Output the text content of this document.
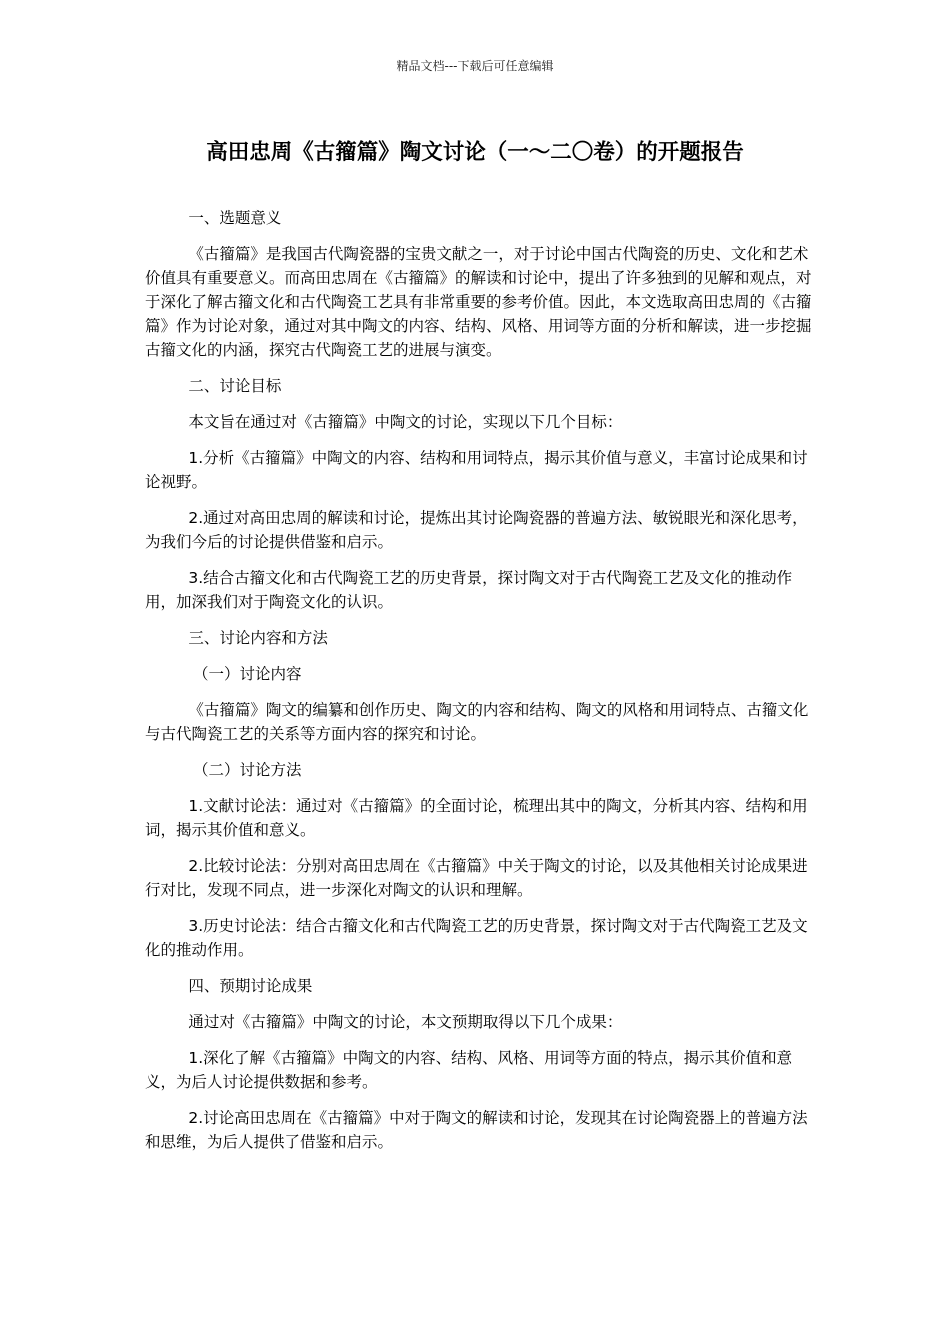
精品文档---下载后可任意编辑
高田忠周《古籀篇》陶文讨论（一～二〇卷）的开题报告

一、选题意义

《古籀篇》是我国古代陶瓷器的宝贵文献之一，对于讨论中国古代陶瓷的历史、文化和艺术价值具有重要意义。而高田忠周在《古籀篇》的解读和讨论中，提出了许多独到的见解和观点，对于深化了解古籀文化和古代陶瓷工艺具有非常重要的参考价值。因此，本文选取高田忠周的《古籀篇》作为讨论对象，通过对其中陶文的内容、结构、风格、用词等方面的分析和解读，进一步挖掘古籀文化的内涵，探究古代陶瓷工艺的进展与演变。

二、讨论目标

本文旨在通过对《古籀篇》中陶文的讨论，实现以下几个目标：

1.分析《古籀篇》中陶文的内容、结构和用词特点，揭示其价值与意义，丰富讨论成果和讨论视野。

2.通过对高田忠周的解读和讨论，提炼出其讨论陶瓷器的普遍方法、敏锐眼光和深化思考，为我们今后的讨论提供借鉴和启示。

3.结合古籀文化和古代陶瓷工艺的历史背景，探讨陶文对于古代陶瓷工艺及文化的推动作用，加深我们对于陶瓷文化的认识。

三、讨论内容和方法

（一）讨论内容

《古籀篇》陶文的编纂和创作历史、陶文的内容和结构、陶文的风格和用词特点、古籀文化与古代陶瓷工艺的关系等方面内容的探究和讨论。

（二）讨论方法

1.文献讨论法：通过对《古籀篇》的全面讨论，梳理出其中的陶文，分析其内容、结构和用词，揭示其价值和意义。

2.比较讨论法：分别对高田忠周在《古籀篇》中关于陶文的讨论，以及其他相关讨论成果进行对比，发现不同点，进一步深化对陶文的认识和理解。

3.历史讨论法：结合古籀文化和古代陶瓷工艺的历史背景，探讨陶文对于古代陶瓷工艺及文化的推动作用。

四、预期讨论成果

通过对《古籀篇》中陶文的讨论，本文预期取得以下几个成果：

1.深化了解《古籀篇》中陶文的内容、结构、风格、用词等方面的特点，揭示其价值和意义，为后人讨论提供数据和参考。

2.讨论高田忠周在《古籀篇》中对于陶文的解读和讨论，发现其在讨论陶瓷器上的普遍方法和思维，为后人提供了借鉴和启示。
